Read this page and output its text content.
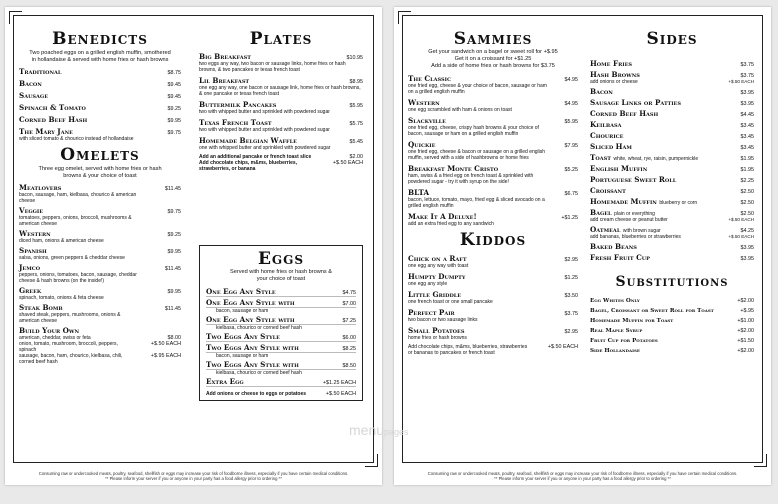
Benedicts
Two poached eggs on a grilled english muffin, smothered in hollandaise & served with home fries or hash browns
Traditional	$8.75
Bacon	$9.45
Sausage	$9.45
Spinach & Tomato	$9.25
Corned Beef Hash	$9.95
The Mary Jane	$9.75
with sliced tomato & chourico instead of hollandaise
Omelets
Three egg omelet, served with home fries or hash browns & your choice of toast
Meatlovers	$11.45
bacon, sausage, ham, kielbasa, chourico & american cheese
Veggie	$9.75
tomatoes, peppers, onions, broccoli, mushrooms & american cheese
Western	$9.25
diced ham, onions & american cheese
Spanish	$9.95
salsa, onions, green peppers & cheddar cheese
Jemco	$11.45
peppers, onions, tomatoes, bacon, sausage, cheddar cheese & hash browns (on the inside!)
Greek	$9.95
spinach, tomato, onions & feta cheese
Steak Bomb	$11.45
shaved steak, peppers, mushrooms, onions & american cheese
Build Your Own
american, cheddar, swiss or feta	$8.00
onion, tomato, mushroom, broccoli, peppers, spinach
+$.50 EACH
sausage, bacon, ham, chourico, kielbasa, chili, corned beef hash
+$.95 EACH
Plates
Big Breakfast	$10.95
two eggs any way, two bacon or sausage links, home fries or hash browns, & two pancakes or texas french toast
Lil Breakfast	$8.95
one egg any way, one bacon or sausage link, home fries or hash browns, & one pancake or texas french toast
Buttermilk Pancakes	$5.95
two with whipped butter and sprinkled with powdered sugar
Texas French Toast	$5.75
two with whipped butter and sprinkled with powdered sugar
Homemade Belgian Waffle	$5.45
one with whipped butter and sprinkled with powdered sugar
Add an additional pancake or french toast slice	$2.00
Add chocolate chips, m&ms, blueberries, strawberries, or banana
+$.50 EACH
Eggs
Served with home fries or hash browns & your choice of toast
One Egg Any Style	$4.75
One Egg Any Style with	$7.00
bacon, sausage or ham
One Egg Any Style with	$7.25
kielbasa, chourico or corned beef hash
Two Eggs Any Style	$6.00
Two Eggs Any Style with	$8.25
bacon, sausage or ham
Two Eggs Any Style with	$8.50
kielbasa, chourico or corned beef hash
Extra Egg	+$1.25 EACH
Add onions or cheese to eggs or potatoes	+$.50 EACH
Consuming raw or undercooked meats, poultry, seafood, shellfish or eggs may increase your risk of foodborne illness, especially if you have certain medical conditions.
** Please inform your server if you or anyone in your party has a food allergy prior to ordering **
Sammies
Get your sandwich on a bagel or sweet roll for +$.95
Get it on a croissant for +$1.25
Add a side of home fries or hash browns for $3.75
The Classic	$4.95
one fried egg, cheese & your choice of bacon, sausage or ham on a grilled english muffin
Western	$4.95
one egg scrambled with ham & onions on toast
Slackville	$5.95
one fried egg, cheese, crispy hash browns & your choice of bacon, sausage or ham on a grilled english muffin
Quickie	$7.95
one fried egg, cheese & bacon or sausage on a grilled english muffin, served with a side of hashbrowns or home fries
Breakfast Monte Cristo	$5.25
ham, swiss & a fried egg on french toast & sprinkled with powdered sugar - try it with syrup on the side!
BLTA	$6.75
bacon, lettuce, tomato, mayo, fried egg & sliced avocado on a grilled english muffin
Make It A Deluxe!	+$1.25
add an extra fried egg to any sandwich
Kiddos
Chick on a Raft	$2.95
one egg any way with toast
Humpty Dumpty	$1.25
one egg any style
Little Griddle	$3.50
one french toast or one small pancake
Perfect Pair	$3.75
two bacon or two sausage links
Small Potatoes	$2.95
home fries or hash browns
Add chocolate chips, m&ms, blueberries, strawberries or bananas to pancakes or french toast
+$.50 EACH
Sides
Home Fries	$3.75
Hash Browns	$3.75
add onions or cheese	+$.50 EACH
Bacon	$3.95
Sausage Links or Patties	$3.95
Corned Beef Hash	$4.45
Keilbasa	$3.45
Chourice	$3.45
Sliced Ham	$3.45
Toast white, wheat, rye, raisin, pumpernickle	$1.95
English Muffin	$1.95
Portuguese Sweet Roll	$2.25
Croissant	$2.50
Homemade Muffin blueberry or corn	$2.50
Bagel plain or everything	$2.50
add cream cheese or peanut butter	+$.50 EACH
Oatmeal with brown sugar	$4.25
add bananas, blueberries or strawberries	+$.50 EACH
Baked Beans	$3.95
Fresh Fruit Cup	$3.95
Substitutions
Egg Whites Only	+$2.00
Bagel, Croissant or Sweet Roll for Toast	+$.95
Homemade Muffin for Toast	+$1.00
Real Maple Syrup	+$2.00
Fruit Cup for Potatoes	+$1.50
Side Hollandaise	+$2.00
Consuming raw or undercooked meats, poultry, seafood, shellfish or eggs may increase your risk of foodborne illness, especially if you have certain medical conditions.
** Please inform your server if you or anyone in your party has a food allergy prior to ordering **
menupages
